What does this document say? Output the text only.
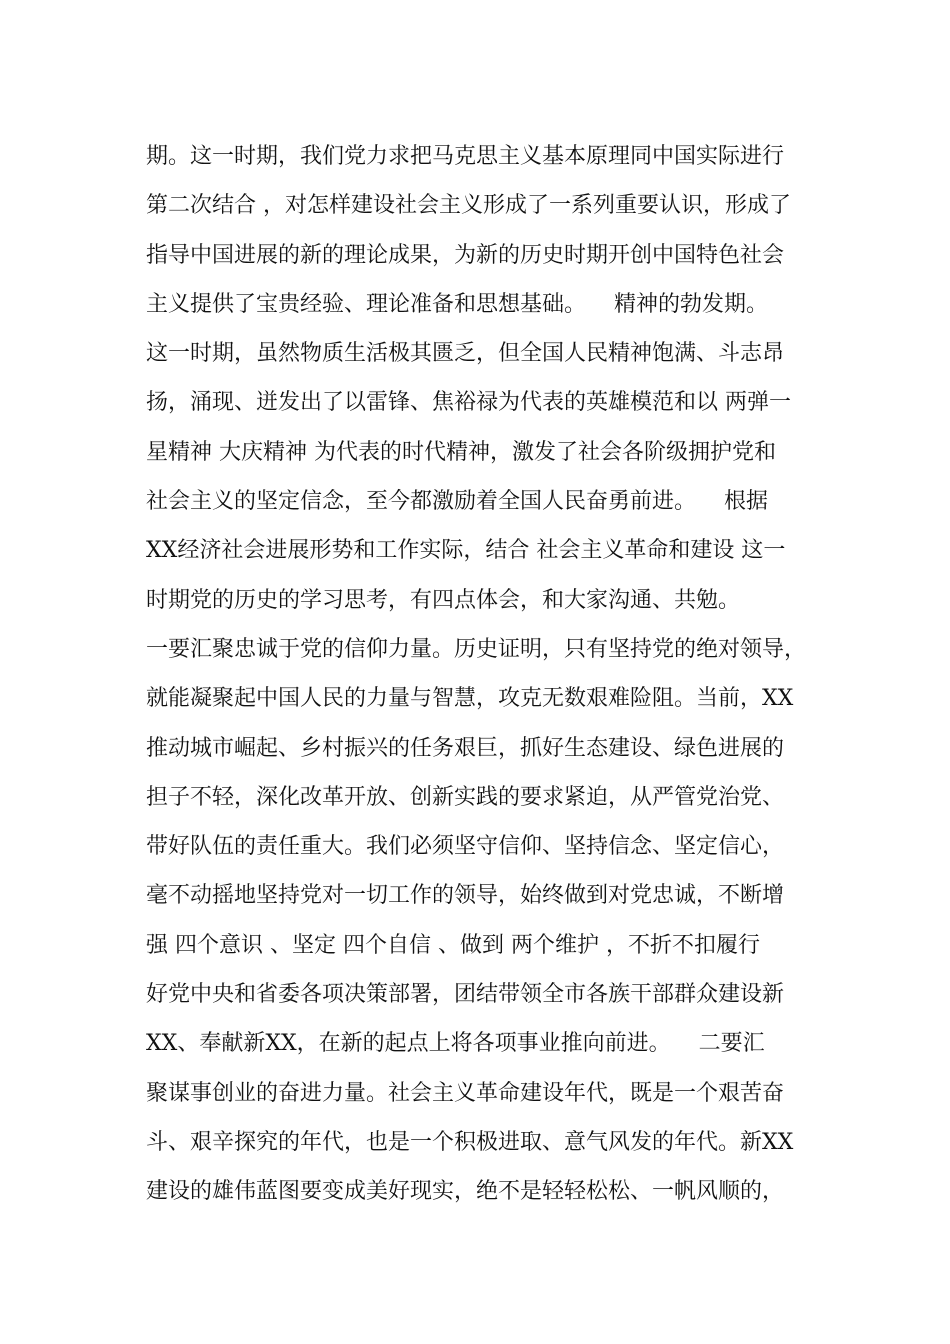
期。这一时期，我们党力求把马克思主义基本原理同中国实际进行
第二次结合 ，对怎样建设社会主义形成了一系列重要认识，形成了
指导中国进展的新的理论成果，为新的历史时期开创中国特色社会
主义提供了宝贵经验、理论准备和思想基础。    精神的勃发期。
这一时期，虽然物质生活极其匮乏，但全国人民精神饱满、斗志昂
扬，涌现、迸发出了以雷锋、焦裕禄为代表的英雄模范和以 两弹一
星精神 大庆精神 为代表的时代精神，激发了社会各阶级拥护党和
社会主义的坚定信念，至今都激励着全国人民奋勇前进。    根据
XX经济社会进展形势和工作实际，结合 社会主义革命和建设 这一
时期党的历史的学习思考，有四点体会，和大家沟通、共勉。
一要汇聚忠诚于党的信仰力量。历史证明，只有坚持党的绝对领导，
就能凝聚起中国人民的力量与智慧，攻克无数艰难险阻。当前，XX
推动城市崛起、乡村振兴的任务艰巨，抓好生态建设、绿色进展的
担子不轻，深化改革开放、创新实践的要求紧迫，从严管党治党、
带好队伍的责任重大。我们必须坚守信仰、坚持信念、坚定信心，
毫不动摇地坚持党对一切工作的领导，始终做到对党忠诚，不断增
强 四个意识 、坚定 四个自信 、做到 两个维护 ，不折不扣履行
好党中央和省委各项决策部署，团结带领全市各族干部群众建设新
XX、奉献新XX，在新的起点上将各项事业推向前进。    二要汇
聚谋事创业的奋进力量。社会主义革命建设年代，既是一个艰苦奋
斗、艰辛探究的年代，也是一个积极进取、意气风发的年代。新XX
建设的雄伟蓝图要变成美好现实，绝不是轻轻松松、一帆风顺的，
